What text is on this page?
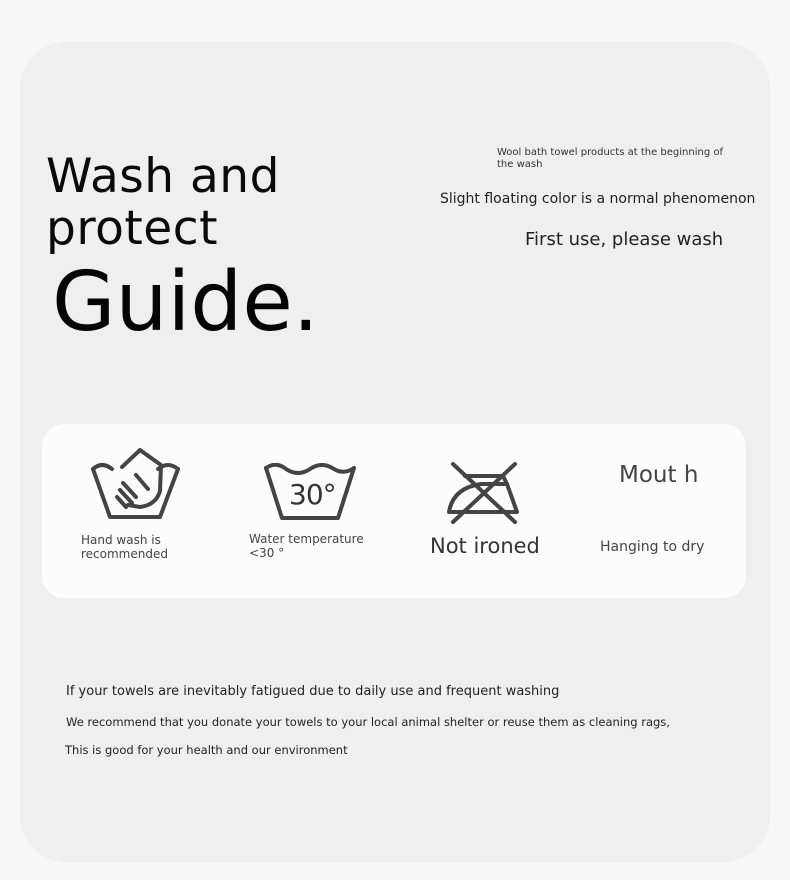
Wash and
protect
Guide.
Wool bath towel products at the beginning of the wash
Slight floating color is a normal phenomenon
First use, please wash
Hand wash is recommended
30°
Water temperature
<30 °	Not ironed
Mout h
Hanging to dry
If your towels are inevitably fatigued due to daily use and frequent washing
We recommend that you donate your towels to your local animal shelter or reuse them as cleaning rags,
This is good for your health and our environment
